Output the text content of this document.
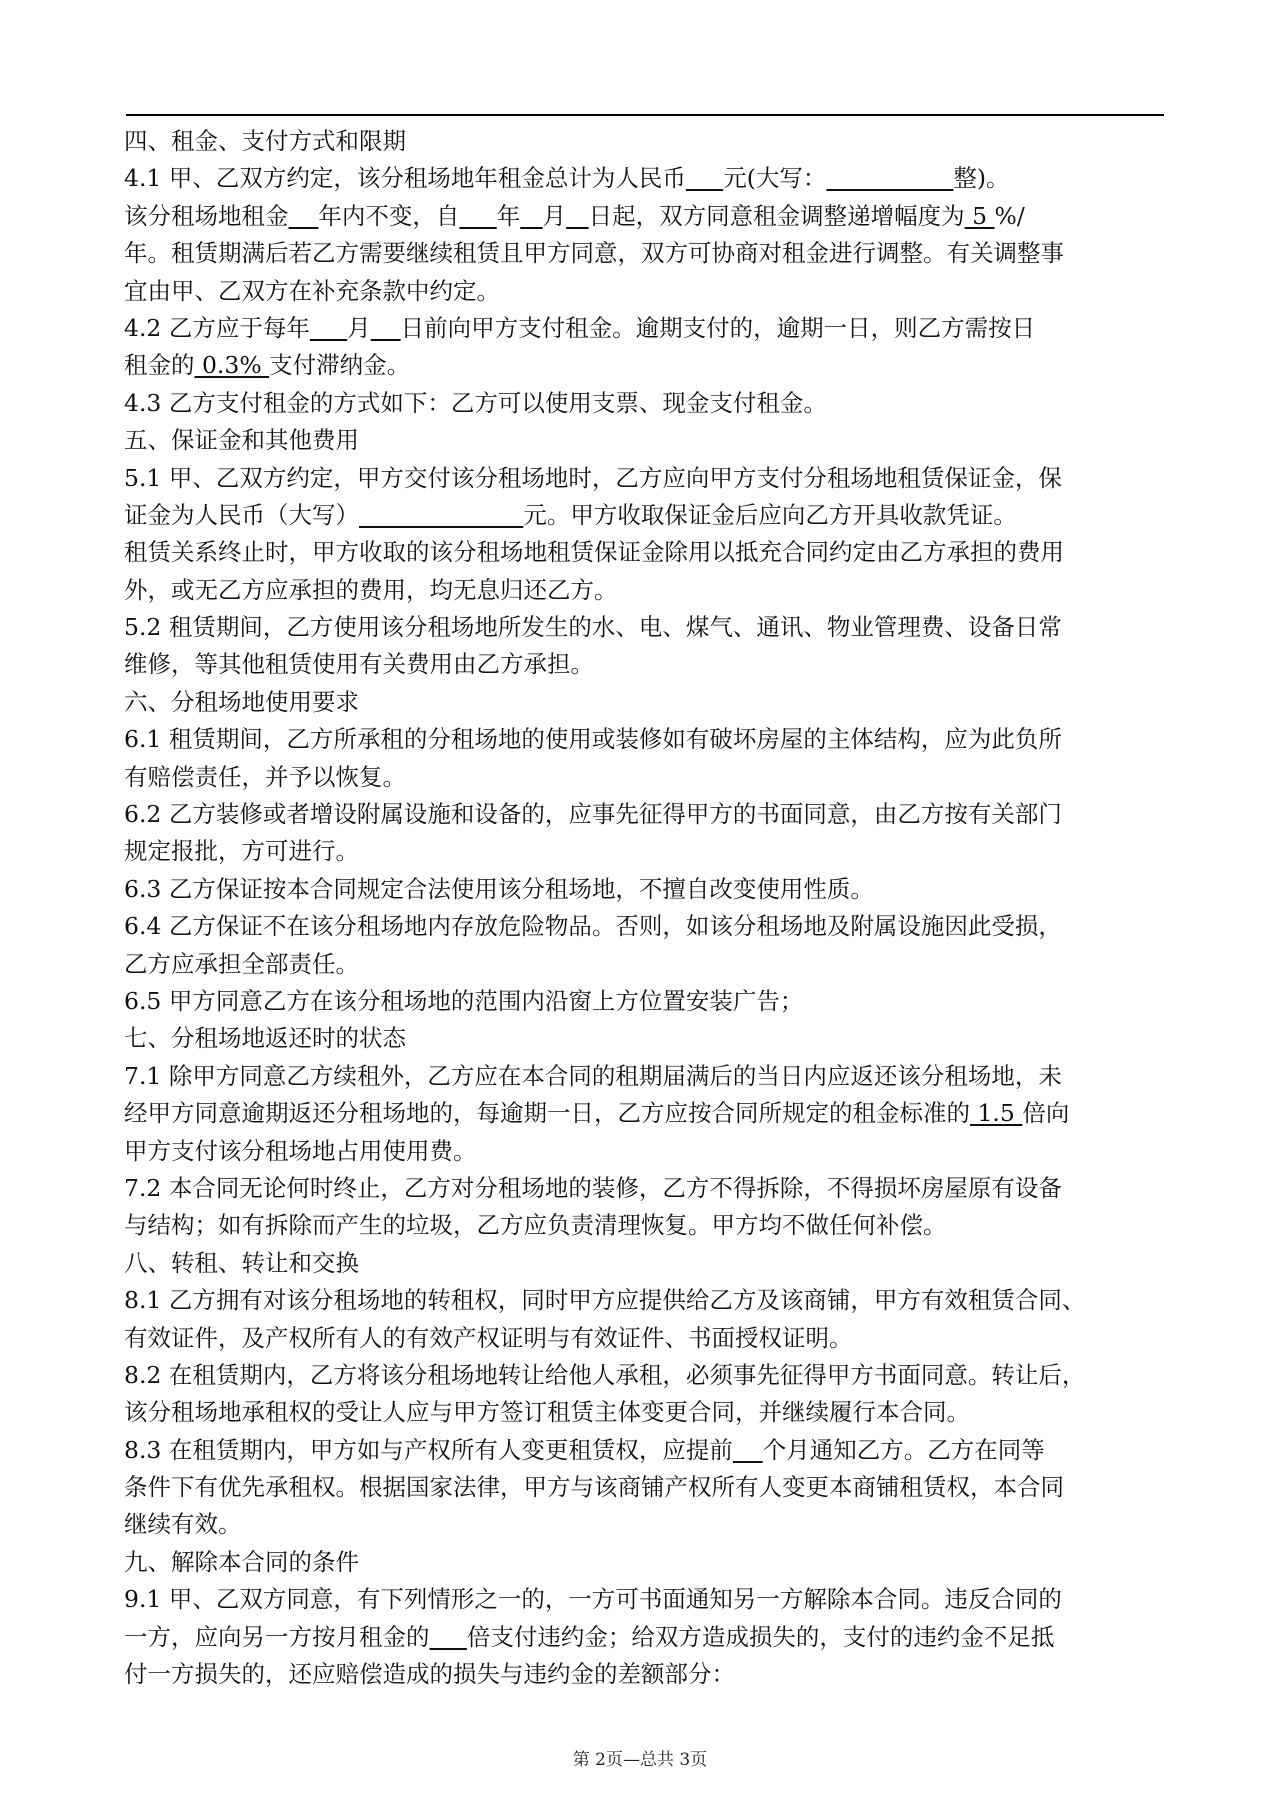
四、租金、支付方式和限期
4.1 甲、乙双方约定，该分租场地年租金总计为人民币 元(大写：	整)。
该分租场地租金 年内不变，自 年 月 日起，双方同意租金调整递增幅度为 5 %/
年。租赁期满后若乙方需要继续租赁且甲方同意，双方可协商对租金进行调整。有关调整事
宜由甲、乙双方在补充条款中约定。
4.2 乙方应于每年 月 日前向甲方支付租金。逾期支付的，逾期一日，则乙方需按日
租金的 0.3% 支付滞纳金。
4.3 乙方支付租金的方式如下：乙方可以使用支票、现金支付租金。
五、保证金和其他费用
5.1 甲、乙双方约定，甲方交付该分租场地时，乙方应向甲方支付分租场地租赁保证金，保
证金为人民币（大写）	元。甲方收取保证金后应向乙方开具收款凭证。
租赁关系终止时，甲方收取的该分租场地租赁保证金除用以抵充合同约定由乙方承担的费用
外，或无乙方应承担的费用，均无息归还乙方。
5.2 租赁期间，乙方使用该分租场地所发生的水、电、煤气、通讯、物业管理费、设备日常
维修，等其他租赁使用有关费用由乙方承担。
六、分租场地使用要求
6.1 租赁期间，乙方所承租的分租场地的使用或装修如有破坏房屋的主体结构，应为此负所
有赔偿责任，并予以恢复。
6.2 乙方装修或者增设附属设施和设备的，应事先征得甲方的书面同意，由乙方按有关部门
规定报批，方可进行。
6.3 乙方保证按本合同规定合法使用该分租场地，不擅自改变使用性质。
6.4 乙方保证不在该分租场地内存放危险物品。否则，如该分租场地及附属设施因此受损，
乙方应承担全部责任。
6.5 甲方同意乙方在该分租场地的范围内沿窗上方位置安装广告；
七、分租场地返还时的状态
7.1 除甲方同意乙方续租外，乙方应在本合同的租期届满后的当日内应返还该分租场地，未
经甲方同意逾期返还分租场地的，每逾期一日，乙方应按合同所规定的租金标准的 1.5 倍向
甲方支付该分租场地占用使用费。
7.2 本合同无论何时终止，乙方对分租场地的装修，乙方不得拆除，不得损坏房屋原有设备
与结构；如有拆除而产生的垃圾，乙方应负责清理恢复。甲方均不做任何补偿。
八、转租、转让和交换
8.1 乙方拥有对该分租场地的转租权，同时甲方应提供给乙方及该商铺，甲方有效租赁合同、
有效证件，及产权所有人的有效产权证明与有效证件、书面授权证明。
8.2 在租赁期内，乙方将该分租场地转让给他人承租，必须事先征得甲方书面同意。转让后，
该分租场地承租权的受让人应与甲方签订租赁主体变更合同，并继续履行本合同。
8.3 在租赁期内，甲方如与产权所有人变更租赁权，应提前 个月通知乙方。乙方在同等
条件下有优先承租权。根据国家法律，甲方与该商铺产权所有人变更本商铺租赁权，本合同
继续有效。
九、解除本合同的条件
9.1 甲、乙双方同意，有下列情形之一的，一方可书面通知另一方解除本合同。违反合同的
一方，应向另一方按月租金的 倍支付违约金；给双方造成损失的，支付的违约金不足抵
付一方损失的，还应赔偿造成的损失与违约金的差额部分：
第 2页—总共 3页
